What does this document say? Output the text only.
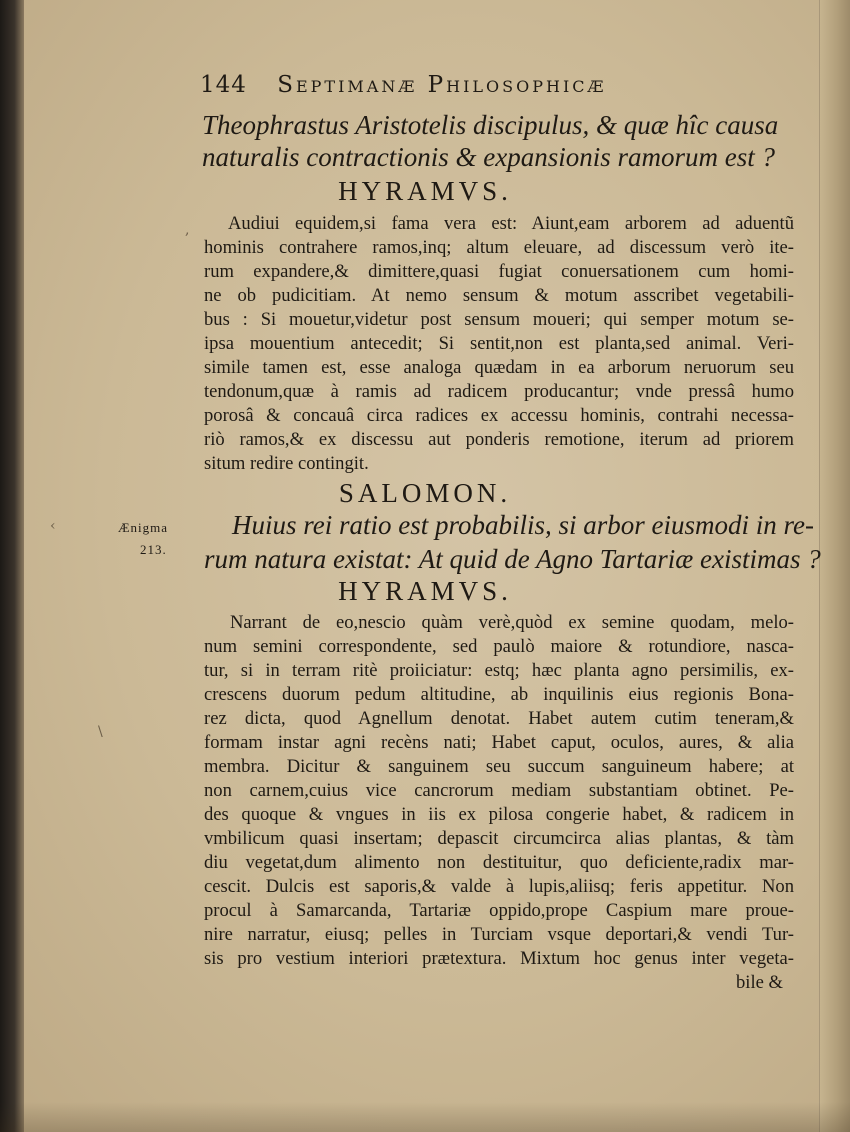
,
‹
\
144 Septimanæ Philosophicæ
Theophrastus Aristotelis discipulus, & quæ hîc causa
naturalis contractionis & expansionis ramorum est ?
HYRAMVS.
Audiui equidem,si fama vera est: Aiunt,eam arborem ad aduentũ
hominis contrahere ramos,inq; altum eleuare, ad discessum verò ite-
rum expandere,& dimittere,quasi fugiat conuersationem cum homi-
ne ob pudicitiam. At nemo sensum & motum asscribet vegetabili-
bus : Si mouetur,videtur post sensum moueri; qui semper motum se-
ipsa mouentium antecedit; Si sentit,non est planta,sed animal. Veri-
simile tamen est, esse analoga quædam in ea arborum neruorum seu
tendonum,quæ à ramis ad radicem producantur; vnde pressâ humo
porosâ & concauâ circa radices ex accessu hominis, contrahi necessa-
riò ramos,& ex discessu aut ponderis remotione, iterum ad priorem
situm redire contingit.
SALOMON.
Ænigma
213.
Huius rei ratio est probabilis, si arbor eiusmodi in re-
rum natura existat: At quid de Agno Tartariæ existimas ?
HYRAMVS.
Narrant de eo,nescio quàm verè,quòd ex semine quodam, melo-
num semini correspondente, sed paulò maiore & rotundiore, nasca-
tur, si in terram ritè proiiciatur: estq; hæc planta agno persimilis, ex-
crescens duorum pedum altitudine, ab inquilinis eius regionis Bona-
rez dicta, quod Agnellum denotat. Habet autem cutim teneram,&
formam instar agni recèns nati; Habet caput, oculos, aures, & alia
membra. Dicitur & sanguinem seu succum sanguineum habere; at
non carnem,cuius vice cancrorum mediam substantiam obtinet. Pe-
des quoque & vngues in iis ex pilosa congerie habet, & radicem in
vmbilicum quasi insertam; depascit circumcirca alias plantas, & tàm
diu vegetat,dum alimento non destituitur, quo deficiente,radix mar-
cescit. Dulcis est saporis,& valde à lupis,aliisq; feris appetitur. Non
procul à Samarcanda, Tartariæ oppido,prope Caspium mare proue-
nire narratur, eiusq; pelles in Turciam vsque deportari,& vendi Tur-
sis pro vestium interiori prætextura. Mixtum hoc genus inter vegeta-
bile &
